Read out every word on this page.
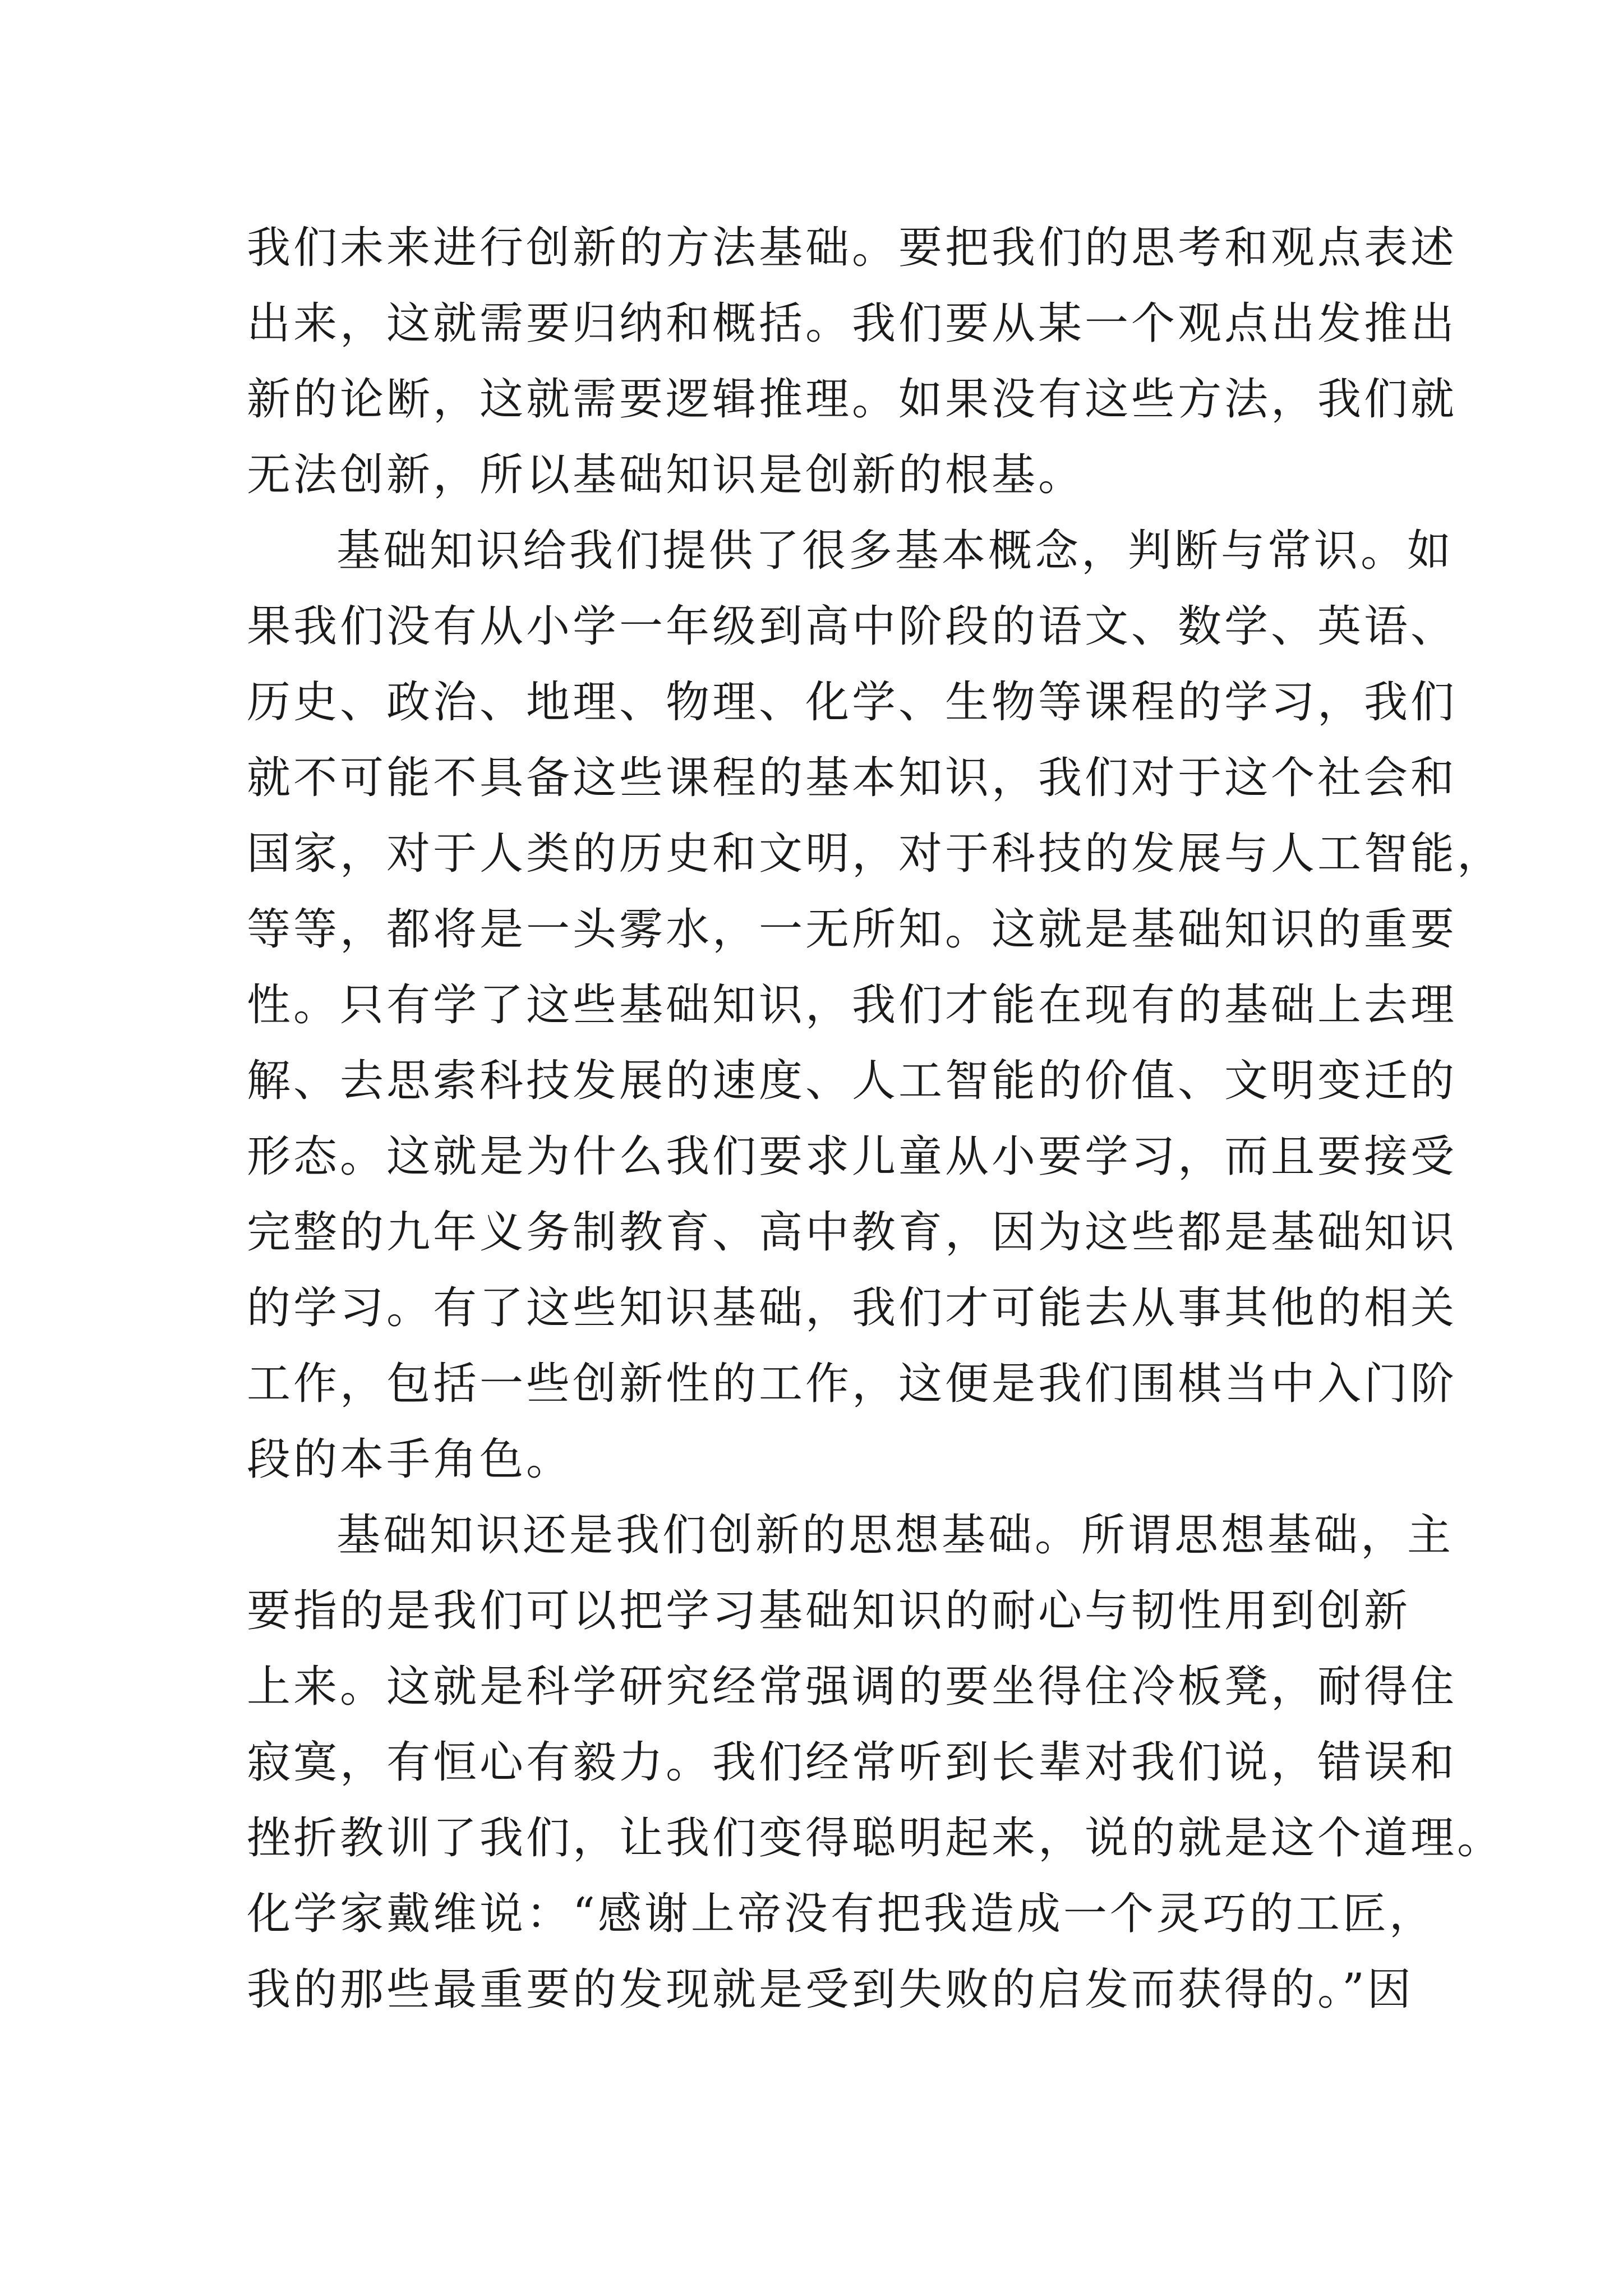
我们未来进行创新的方法基础。要把我们的思考和观点表述
出来，这就需要归纳和概括。我们要从某一个观点出发推出
新的论断，这就需要逻辑推理。如果没有这些方法，我们就
无法创新，所以基础知识是创新的根基。
基础知识给我们提供了很多基本概念，判断与常识。如
果我们没有从小学一年级到高中阶段的语文、数学、英语、
历史、政治、地理、物理、化学、生物等课程的学习，我们
就不可能不具备这些课程的基本知识，我们对于这个社会和
国家，对于人类的历史和文明，对于科技的发展与人工智能，
等等，都将是一头雾水，一无所知。这就是基础知识的重要
性。只有学了这些基础知识，我们才能在现有的基础上去理
解、去思索科技发展的速度、人工智能的价值、文明变迁的
形态。这就是为什么我们要求儿童从小要学习，而且要接受
完整的九年义务制教育、高中教育，因为这些都是基础知识
的学习。有了这些知识基础，我们才可能去从事其他的相关
工作，包括一些创新性的工作，这便是我们围棋当中入门阶
段的本手角色。
基础知识还是我们创新的思想基础。所谓思想基础，主
要指的是我们可以把学习基础知识的耐心与韧性用到创新
上来。这就是科学研究经常强调的要坐得住冷板凳，耐得住
寂寞，有恒心有毅力。我们经常听到长辈对我们说，错误和
挫折教训了我们，让我们变得聪明起来，说的就是这个道理。
化学家戴维说：“感谢上帝没有把我造成一个灵巧的工匠，
我的那些最重要的发现就是受到失败的启发而获得的。”因
